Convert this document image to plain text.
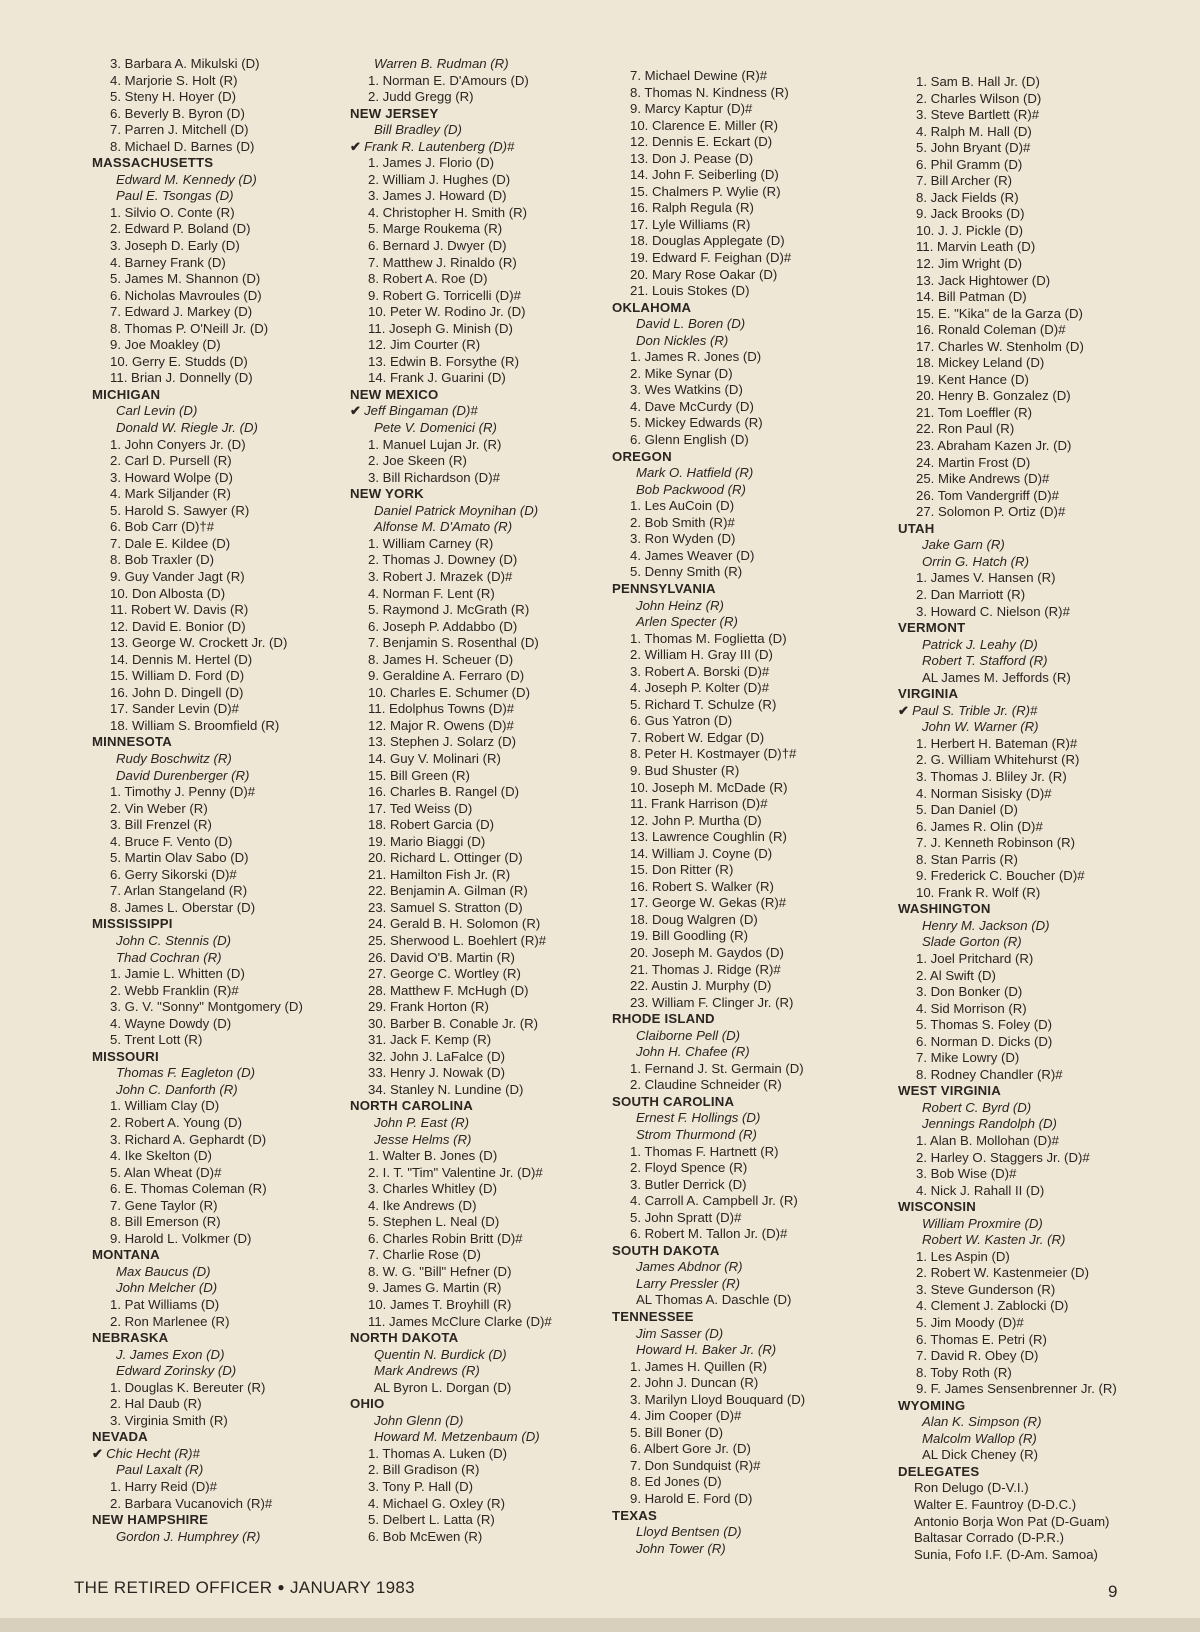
3. Barbara A. Mikulski (D)
4. Marjorie S. Holt (R)
5. Steny H. Hoyer (D)
6. Beverly B. Byron (D)
7. Parren J. Mitchell (D)
8. Michael D. Barnes (D)
MASSACHUSETTS
Edward M. Kennedy (D)
Paul E. Tsongas (D)
1. Silvio O. Conte (R)
2. Edward P. Boland (D)
3. Joseph D. Early (D)
4. Barney Frank (D)
5. James M. Shannon (D)
6. Nicholas Mavroules (D)
7. Edward J. Markey (D)
8. Thomas P. O'Neill Jr. (D)
9. Joe Moakley (D)
10. Gerry E. Studds (D)
11. Brian J. Donnelly (D)
MICHIGAN
Carl Levin (D)
Donald W. Riegle Jr. (D)
1. John Conyers Jr. (D)
2. Carl D. Pursell (R)
3. Howard Wolpe (D)
4. Mark Siljander (R)
5. Harold S. Sawyer (R)
6. Bob Carr (D)†#
7. Dale E. Kildee (D)
8. Bob Traxler (D)
9. Guy Vander Jagt (R)
10. Don Albosta (D)
11. Robert W. Davis (R)
12. David E. Bonior (D)
13. George W. Crockett Jr. (D)
14. Dennis M. Hertel (D)
15. William D. Ford (D)
16. John D. Dingell (D)
17. Sander Levin (D)#
18. William S. Broomfield (R)
MINNESOTA
Rudy Boschwitz (R)
David Durenberger (R)
1. Timothy J. Penny (D)#
2. Vin Weber (R)
3. Bill Frenzel (R)
4. Bruce F. Vento (D)
5. Martin Olav Sabo (D)
6. Gerry Sikorski (D)#
7. Arlan Stangeland (R)
8. James L. Oberstar (D)
MISSISSIPPI
John C. Stennis (D)
Thad Cochran (R)
1. Jamie L. Whitten (D)
2. Webb Franklin (R)#
3. G. V. "Sonny" Montgomery (D)
4. Wayne Dowdy (D)
5. Trent Lott (R)
MISSOURI
Thomas F. Eagleton (D)
John C. Danforth (R)
1. William Clay (D)
2. Robert A. Young (D)
3. Richard A. Gephardt (D)
4. Ike Skelton (D)
5. Alan Wheat (D)#
6. E. Thomas Coleman (R)
7. Gene Taylor (R)
8. Bill Emerson (R)
9. Harold L. Volkmer (D)
MONTANA
Max Baucus (D)
John Melcher (D)
1. Pat Williams (D)
2. Ron Marlenee (R)
NEBRASKA
J. James Exon (D)
Edward Zorinsky (D)
1. Douglas K. Bereuter (R)
2. Hal Daub (R)
3. Virginia Smith (R)
NEVADA
✔ Chic Hecht (R)#
Paul Laxalt (R)
1. Harry Reid (D)#
2. Barbara Vucanovich (R)#
NEW HAMPSHIRE
Gordon J. Humphrey (R)
Warren B. Rudman (R)
1. Norman E. D'Amours (D)
2. Judd Gregg (R)
NEW JERSEY
Bill Bradley (D)
✔ Frank R. Lautenberg (D)#
1. James J. Florio (D)
2. William J. Hughes (D)
3. James J. Howard (D)
4. Christopher H. Smith (R)
5. Marge Roukema (R)
6. Bernard J. Dwyer (D)
7. Matthew J. Rinaldo (R)
8. Robert A. Roe (D)
9. Robert G. Torricelli (D)#
10. Peter W. Rodino Jr. (D)
11. Joseph G. Minish (D)
12. Jim Courter (R)
13. Edwin B. Forsythe (R)
14. Frank J. Guarini (D)
NEW MEXICO
✔ Jeff Bingaman (D)#
Pete V. Domenici (R)
1. Manuel Lujan Jr. (R)
2. Joe Skeen (R)
3. Bill Richardson (D)#
NEW YORK
Daniel Patrick Moynihan (D)
Alfonse M. D'Amato (R)
1. William Carney (R)
2. Thomas J. Downey (D)
3. Robert J. Mrazek (D)#
4. Norman F. Lent (R)
5. Raymond J. McGrath (R)
6. Joseph P. Addabbo (D)
7. Benjamin S. Rosenthal (D)
8. James H. Scheuer (D)
9. Geraldine A. Ferraro (D)
10. Charles E. Schumer (D)
11. Edolphus Towns (D)#
12. Major R. Owens (D)#
13. Stephen J. Solarz (D)
14. Guy V. Molinari (R)
15. Bill Green (R)
16. Charles B. Rangel (D)
17. Ted Weiss (D)
18. Robert Garcia (D)
19. Mario Biaggi (D)
20. Richard L. Ottinger (D)
21. Hamilton Fish Jr. (R)
22. Benjamin A. Gilman (R)
23. Samuel S. Stratton (D)
24. Gerald B. H. Solomon (R)
25. Sherwood L. Boehlert (R)#
26. David O'B. Martin (R)
27. George C. Wortley (R)
28. Matthew F. McHugh (D)
29. Frank Horton (R)
30. Barber B. Conable Jr. (R)
31. Jack F. Kemp (R)
32. John J. LaFalce (D)
33. Henry J. Nowak (D)
34. Stanley N. Lundine (D)
NORTH CAROLINA
John P. East (R)
Jesse Helms (R)
1. Walter B. Jones (D)
2. I. T. "Tim" Valentine Jr. (D)#
3. Charles Whitley (D)
4. Ike Andrews (D)
5. Stephen L. Neal (D)
6. Charles Robin Britt (D)#
7. Charlie Rose (D)
8. W. G. "Bill" Hefner (D)
9. James G. Martin (R)
10. James T. Broyhill (R)
11. James McClure Clarke (D)#
NORTH DAKOTA
Quentin N. Burdick (D)
Mark Andrews (R)
AL Byron L. Dorgan (D)
OHIO
John Glenn (D)
Howard M. Metzenbaum (D)
1. Thomas A. Luken (D)
2. Bill Gradison (R)
3. Tony P. Hall (D)
4. Michael G. Oxley (R)
5. Delbert L. Latta (R)
6. Bob McEwen (R)
7. Michael Dewine (R)#
8. Thomas N. Kindness (R)
9. Marcy Kaptur (D)#
10. Clarence E. Miller (R)
12. Dennis E. Eckart (D)
13. Don J. Pease (D)
14. John F. Seiberling (D)
15. Chalmers P. Wylie (R)
16. Ralph Regula (R)
17. Lyle Williams (R)
18. Douglas Applegate (D)
19. Edward F. Feighan (D)#
20. Mary Rose Oakar (D)
21. Louis Stokes (D)
OKLAHOMA
David L. Boren (D)
Don Nickles (R)
1. James R. Jones (D)
2. Mike Synar (D)
3. Wes Watkins (D)
4. Dave McCurdy (D)
5. Mickey Edwards (R)
6. Glenn English (D)
OREGON
Mark O. Hatfield (R)
Bob Packwood (R)
1. Les AuCoin (D)
2. Bob Smith (R)#
3. Ron Wyden (D)
4. James Weaver (D)
5. Denny Smith (R)
PENNSYLVANIA
John Heinz (R)
Arlen Specter (R)
1. Thomas M. Foglietta (D)
2. William H. Gray III (D)
3. Robert A. Borski (D)#
4. Joseph P. Kolter (D)#
5. Richard T. Schulze (R)
6. Gus Yatron (D)
7. Robert W. Edgar (D)
8. Peter H. Kostmayer (D)†#
9. Bud Shuster (R)
10. Joseph M. McDade (R)
11. Frank Harrison (D)#
12. John P. Murtha (D)
13. Lawrence Coughlin (R)
14. William J. Coyne (D)
15. Don Ritter (R)
16. Robert S. Walker (R)
17. George W. Gekas (R)#
18. Doug Walgren (D)
19. Bill Goodling (R)
20. Joseph M. Gaydos (D)
21. Thomas J. Ridge (R)#
22. Austin J. Murphy (D)
23. William F. Clinger Jr. (R)
RHODE ISLAND
Claiborne Pell (D)
John H. Chafee (R)
1. Fernand J. St. Germain (D)
2. Claudine Schneider (R)
SOUTH CAROLINA
Ernest F. Hollings (D)
Strom Thurmond (R)
1. Thomas F. Hartnett (R)
2. Floyd Spence (R)
3. Butler Derrick (D)
4. Carroll A. Campbell Jr. (R)
5. John Spratt (D)#
6. Robert M. Tallon Jr. (D)#
SOUTH DAKOTA
James Abdnor (R)
Larry Pressler (R)
AL Thomas A. Daschle (D)
TENNESSEE
Jim Sasser (D)
Howard H. Baker Jr. (R)
1. James H. Quillen (R)
2. John J. Duncan (R)
3. Marilyn Lloyd Bouquard (D)
4. Jim Cooper (D)#
5. Bill Boner (D)
6. Albert Gore Jr. (D)
7. Don Sundquist (R)#
8. Ed Jones (D)
9. Harold E. Ford (D)
TEXAS
Lloyd Bentsen (D)
John Tower (R)
1. Sam B. Hall Jr. (D)
2. Charles Wilson (D)
3. Steve Bartlett (R)#
4. Ralph M. Hall (D)
5. John Bryant (D)#
6. Phil Gramm (D)
7. Bill Archer (R)
8. Jack Fields (R)
9. Jack Brooks (D)
10. J. J. Pickle (D)
11. Marvin Leath (D)
12. Jim Wright (D)
13. Jack Hightower (D)
14. Bill Patman (D)
15. E. "Kika" de la Garza (D)
16. Ronald Coleman (D)#
17. Charles W. Stenholm (D)
18. Mickey Leland (D)
19. Kent Hance (D)
20. Henry B. Gonzalez (D)
21. Tom Loeffler (R)
22. Ron Paul (R)
23. Abraham Kazen Jr. (D)
24. Martin Frost (D)
25. Mike Andrews (D)#
26. Tom Vandergriff (D)#
27. Solomon P. Ortiz (D)#
UTAH
Jake Garn (R)
Orrin G. Hatch (R)
1. James V. Hansen (R)
2. Dan Marriott (R)
3. Howard C. Nielson (R)#
VERMONT
Patrick J. Leahy (D)
Robert T. Stafford (R)
AL James M. Jeffords (R)
VIRGINIA
✔ Paul S. Trible Jr. (R)#
John W. Warner (R)
1. Herbert H. Bateman (R)#
2. G. William Whitehurst (R)
3. Thomas J. Bliley Jr. (R)
4. Norman Sisisky (D)#
5. Dan Daniel (D)
6. James R. Olin (D)#
7. J. Kenneth Robinson (R)
8. Stan Parris (R)
9. Frederick C. Boucher (D)#
10. Frank R. Wolf (R)
WASHINGTON
Henry M. Jackson (D)
Slade Gorton (R)
1. Joel Pritchard (R)
2. Al Swift (D)
3. Don Bonker (D)
4. Sid Morrison (R)
5. Thomas S. Foley (D)
6. Norman D. Dicks (D)
7. Mike Lowry (D)
8. Rodney Chandler (R)#
WEST VIRGINIA
Robert C. Byrd (D)
Jennings Randolph (D)
1. Alan B. Mollohan (D)#
2. Harley O. Staggers Jr. (D)#
3. Bob Wise (D)#
4. Nick J. Rahall II (D)
WISCONSIN
William Proxmire (D)
Robert W. Kasten Jr. (R)
1. Les Aspin (D)
2. Robert W. Kastenmeier (D)
3. Steve Gunderson (R)
4. Clement J. Zablocki (D)
5. Jim Moody (D)#
6. Thomas E. Petri (R)
7. David R. Obey (D)
8. Toby Roth (R)
9. F. James Sensenbrenner Jr. (R)
WYOMING
Alan K. Simpson (R)
Malcolm Wallop (R)
AL Dick Cheney (R)
DELEGATES
Ron Delugo (D-V.I.)
Walter E. Fauntroy (D-D.C.)
Antonio Borja Won Pat (D-Guam)
Baltasar Corrado (D-P.R.)
Sunia, Fofo I.F. (D-Am. Samoa)
THE RETIRED OFFICER ● JANUARY 1983	9
